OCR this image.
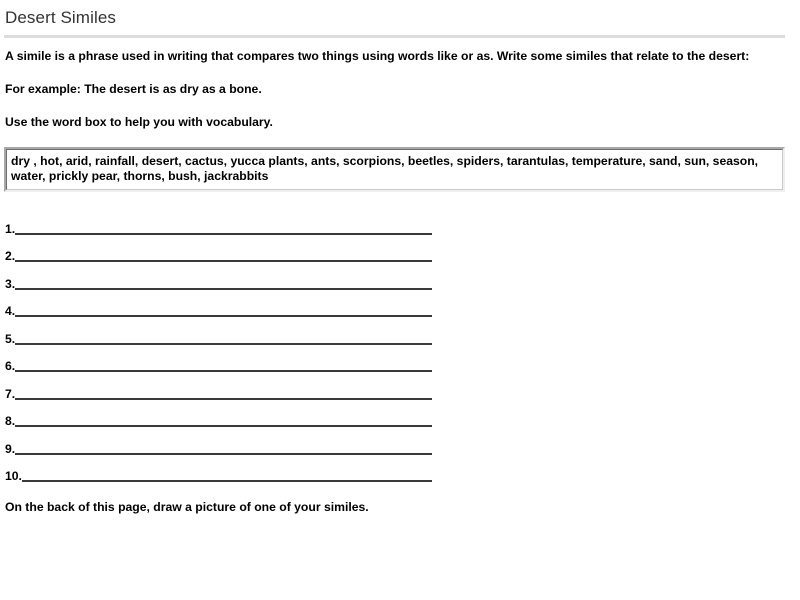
Desert Similes

A simile is a phrase used in writing that compares two things using words like or as. Write some similes that relate to the desert:

For example: The desert is as dry as a bone.

Use the word box to help you with vocabulary.

dry , hot, arid, rainfall, desert, cactus, yucca plants, ants, scorpions, beetles, spiders, tarantulas, temperature, sand, sun, season, water, prickly pear, thorns, bush, jackrabbits

1.
2.
3.
4.
5.
6.
7.
8.
9.
10.

On the back of this page, draw a picture of one of your similes.
